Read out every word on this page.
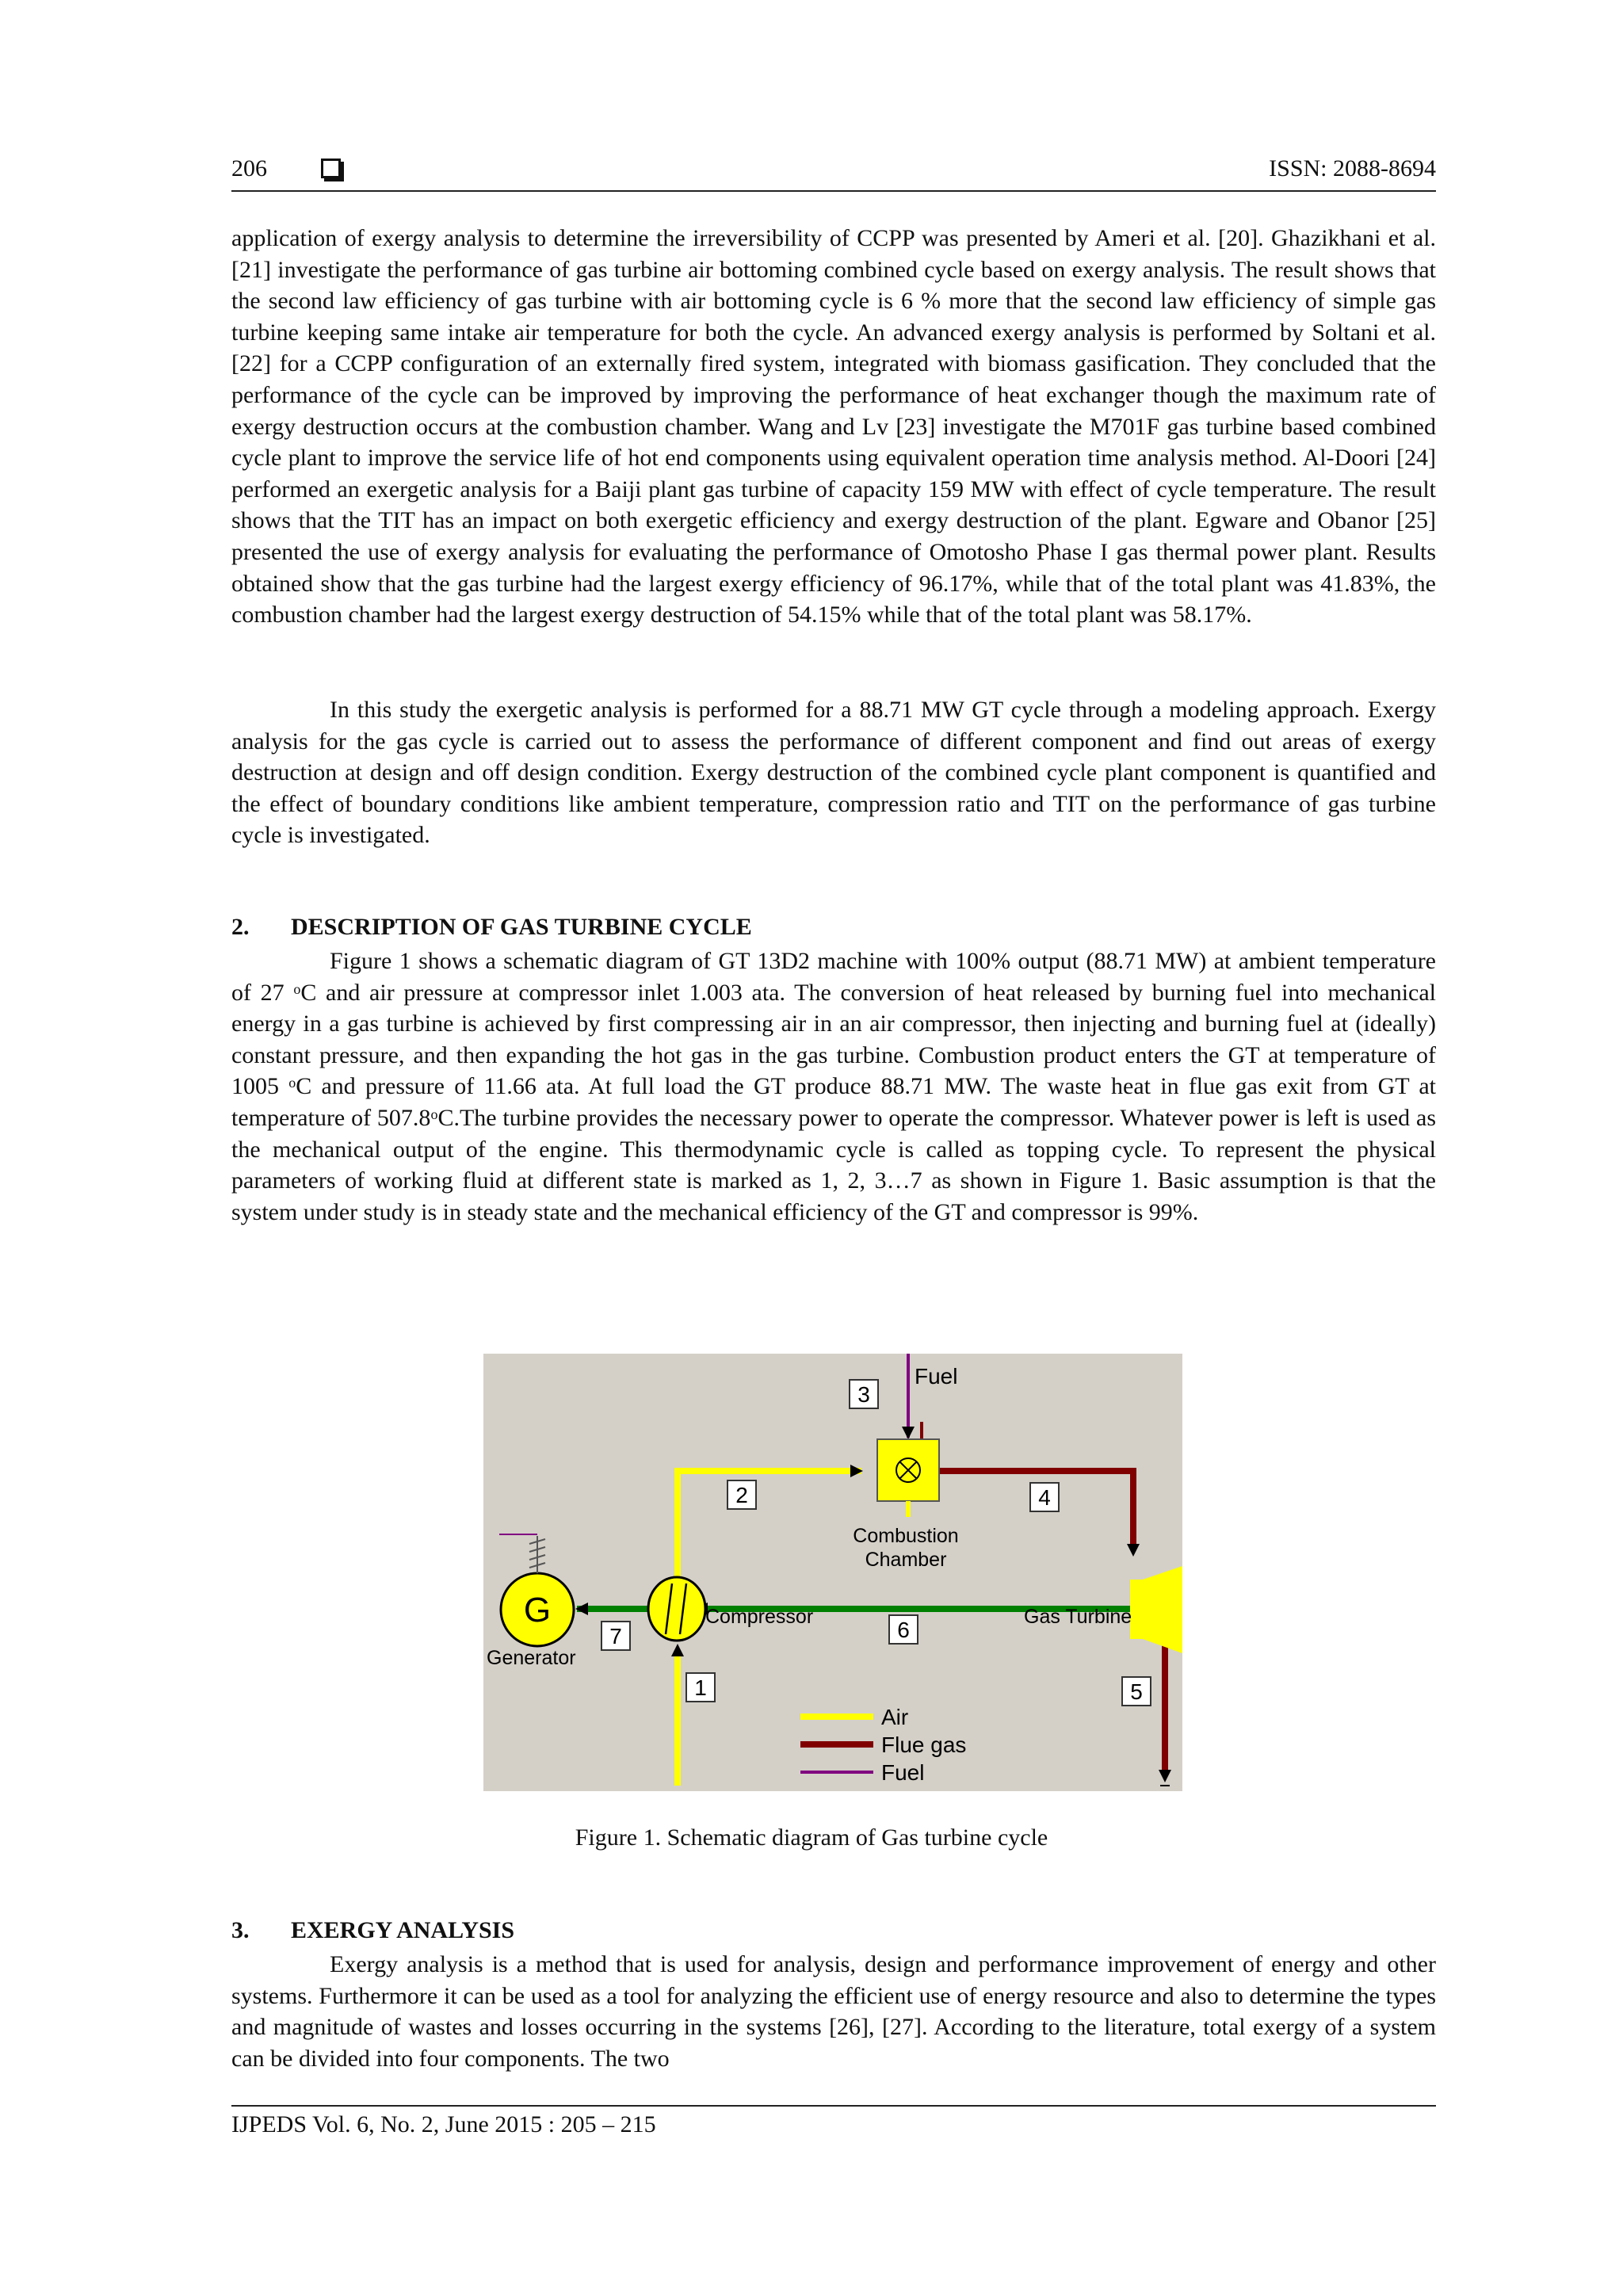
206	ISSN: 2088-8694

application of exergy analysis to determine the irreversibility of CCPP was presented by Ameri et al. [20]. Ghazikhani et al. [21] investigate the performance of gas turbine air bottoming combined cycle based on exergy analysis. The result shows that the second law efficiency of gas turbine with air bottoming cycle is 6 % more that the second law efficiency of simple gas turbine keeping same intake air temperature for both the cycle. An advanced exergy analysis is performed by Soltani et al. [22] for a CCPP configuration of an externally fired system, integrated with biomass gasification. They concluded that the performance of the cycle can be improved by improving the performance of heat exchanger though the maximum rate of exergy destruction occurs at the combustion chamber. Wang and Lv [23] investigate the M701F gas turbine based combined cycle plant to improve the service life of hot end components using equivalent operation time analysis method. Al-Doori [24] performed an exergetic analysis for a Baiji plant gas turbine of capacity 159 MW with effect of cycle temperature. The result shows that the TIT has an impact on both exergetic efficiency and exergy destruction of the plant. Egware and Obanor [25] presented the use of exergy analysis for evaluating the performance of Omotosho Phase I gas thermal power plant. Results obtained show that the gas turbine had the largest exergy efficiency of 96.17%, while that of the total plant was 41.83%, the combustion chamber had the largest exergy destruction of 54.15% while that of the total plant was 58.17%.

In this study the exergetic analysis is performed for a 88.71 MW GT cycle through a modeling approach. Exergy analysis for the gas cycle is carried out to assess the performance of different component and find out areas of exergy destruction at design and off design condition. Exergy destruction of the combined cycle plant component is quantified and the effect of boundary conditions like ambient temperature, compression ratio and TIT on the performance of gas turbine cycle is investigated.

2. DESCRIPTION OF GAS TURBINE CYCLE

Figure 1 shows a schematic diagram of GT 13D2 machine with 100% output (88.71 MW) at ambient temperature of 27 $^o$C and air pressure at compressor inlet 1.003 ata. The conversion of heat released by burning fuel into mechanical energy in a gas turbine is achieved by first compressing air in an air compressor, then injecting and burning fuel at (ideally) constant pressure, and then expanding the hot gas in the gas turbine. Combustion product enters the GT at temperature of 1005 $^o$C and pressure of 11.66 ata. At full load the GT produce 88.71 MW. The waste heat in flue gas exit from GT at temperature of 507.8$^o$C.The turbine provides the necessary power to operate the compressor. Whatever power is left is used as the mechanical output of the engine. This thermodynamic cycle is called as topping cycle. To represent the physical parameters of working fluid at different state is marked as 1, 2, 3…7 as shown in Figure 1. Basic assumption is that the system under study is in steady state and the mechanical efficiency of the GT and compressor is 99%.

G
Fuel
Combustion
Chamber
Compressor	Gas Turbine
Generator
1
2
3
4
5
6
7
Air
Flue gas
Fuel
Figure 1. Schematic diagram of Gas turbine cycle

3. EXERGY ANALYSIS

Exergy analysis is a method that is used for analysis, design and performance improvement of energy and other systems. Furthermore it can be used as a tool for analyzing the efficient use of energy resource and also to determine the types and magnitude of wastes and losses occurring in the systems [26], [27]. According to the literature, total exergy of a system can be divided into four components. The two

IJPEDS Vol. 6, No. 2, June 2015 : 205 – 215
